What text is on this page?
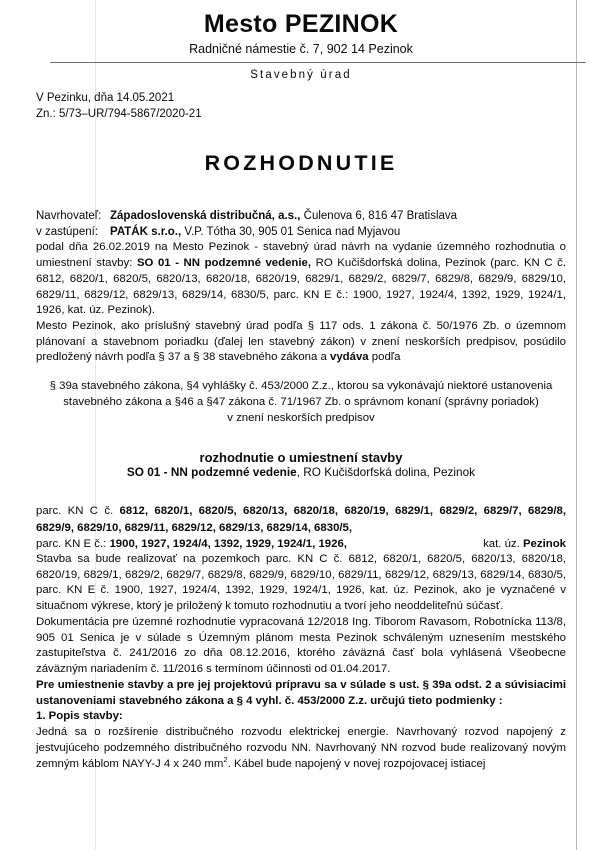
Mesto PEZINOK
Radničné námestie č. 7, 902 14 Pezinok
Stavebný úrad
V Pezinku, dňa 14.05.2021
Zn.: 5/73–UR/794-5867/2020-21
ROZHODNUTIE
Navrhovateľ: Západoslovenská distribučná, a.s., Čulenova 6, 816 47 Bratislava
v zastúpení:	PATÁK s.r.o., V.P. Tótha 30, 905 01 Senica nad Myjavou

podal dňa 26.02.2019 na Mesto Pezinok - stavebný úrad návrh na vydanie územného rozhodnutia o umiestnení stavby: SO 01 - NN podzemné vedenie, RO Kučišdorfská dolina, Pezinok (parc. KN C č. 6812, 6820/1, 6820/5, 6820/13, 6820/18, 6820/19, 6829/1, 6829/2, 6829/7, 6829/8, 6829/9, 6829/10, 6829/11, 6829/12, 6829/13, 6829/14, 6830/5, parc. KN E č.: 1900, 1927, 1924/4, 1392, 1929, 1924/1, 1926, kat. úz. Pezinok).

Mesto Pezinok, ako príslušný stavebný úrad podľa § 117 ods. 1 zákona č. 50/1976 Zb. o územnom plánovaní a stavebnom poriadku (ďalej len stavebný zákon) v znení neskorších predpisov, posúdilo predložený návrh podľa § 37 a § 38 stavebného zákona a vydáva podľa

§ 39a stavebného zákona, §4 vyhlášky č. 453/2000 Z.z., ktorou sa vykonávajú niektoré ustanovenia

stavebného zákona a §46 a §47 zákona č. 71/1967 Zb. o správnom konaní (správny poriadok)

v znení neskorších predpisov

rozhodnutie o umiestnení stavby

SO 01 - NN podzemné vedenie, RO Kučišdorfská dolina, Pezinok

parc. KN C č. 6812, 6820/1, 6820/5, 6820/13, 6820/18, 6820/19, 6829/1, 6829/2, 6829/7, 6829/8, 6829/9, 6829/10, 6829/11, 6829/12, 6829/13, 6829/14, 6830/5,

parc. KN E č.: 1900, 1927, 1924/4, 1392, 1929, 1924/1, 1926,	kat. úz. Pezinok

Stavba sa bude realizovať na pozemkoch parc. KN C č. 6812, 6820/1, 6820/5, 6820/13, 6820/18, 6820/19, 6829/1, 6829/2, 6829/7, 6829/8, 6829/9, 6829/10, 6829/11, 6829/12, 6829/13, 6829/14, 6830/5, parc. KN E č. 1900, 1927, 1924/4, 1392, 1929, 1924/1, 1926, kat. úz. Pezinok, ako je vyznačené v situačnom výkrese, ktorý je priložený k tomuto rozhodnutiu a tvorí jeho neoddeliteľnú súčasť.

Dokumentácia pre územné rozhodnutie vypracovaná 12/2018 Ing. Tiborom Ravasom, Robotnícka 113/8, 905 01 Senica je v súlade s Územným plánom mesta Pezinok schváleným uznesením mestského zastupiteľstva č. 241/2016 zo dňa 08.12.2016, ktorého záväzná časť bola vyhlásená Všeobecne záväzným nariadením č. 11/2016 s termínom účinnosti od 01.04.2017.

Pre umiestnenie stavby a pre jej projektovú prípravu sa v súlade s ust. § 39a odst. 2 a súvisiacimi ustanoveniami stavebného zákona a § 4 vyhl. č. 453/2000 Z.z. určujú tieto podmienky :

1. Popis stavby:

Jedná sa o rozšírenie distribučného rozvodu elektrickej energie. Navrhovaný rozvod napojený z jestvujúceho podzemného distribučného rozvodu NN. Navrhovaný NN rozvod bude realizovaný novým zemným káblom NAYY-J 4 x 240 $mm^2$. Kábel bude napojený v novej rozpojovacej istiacej
